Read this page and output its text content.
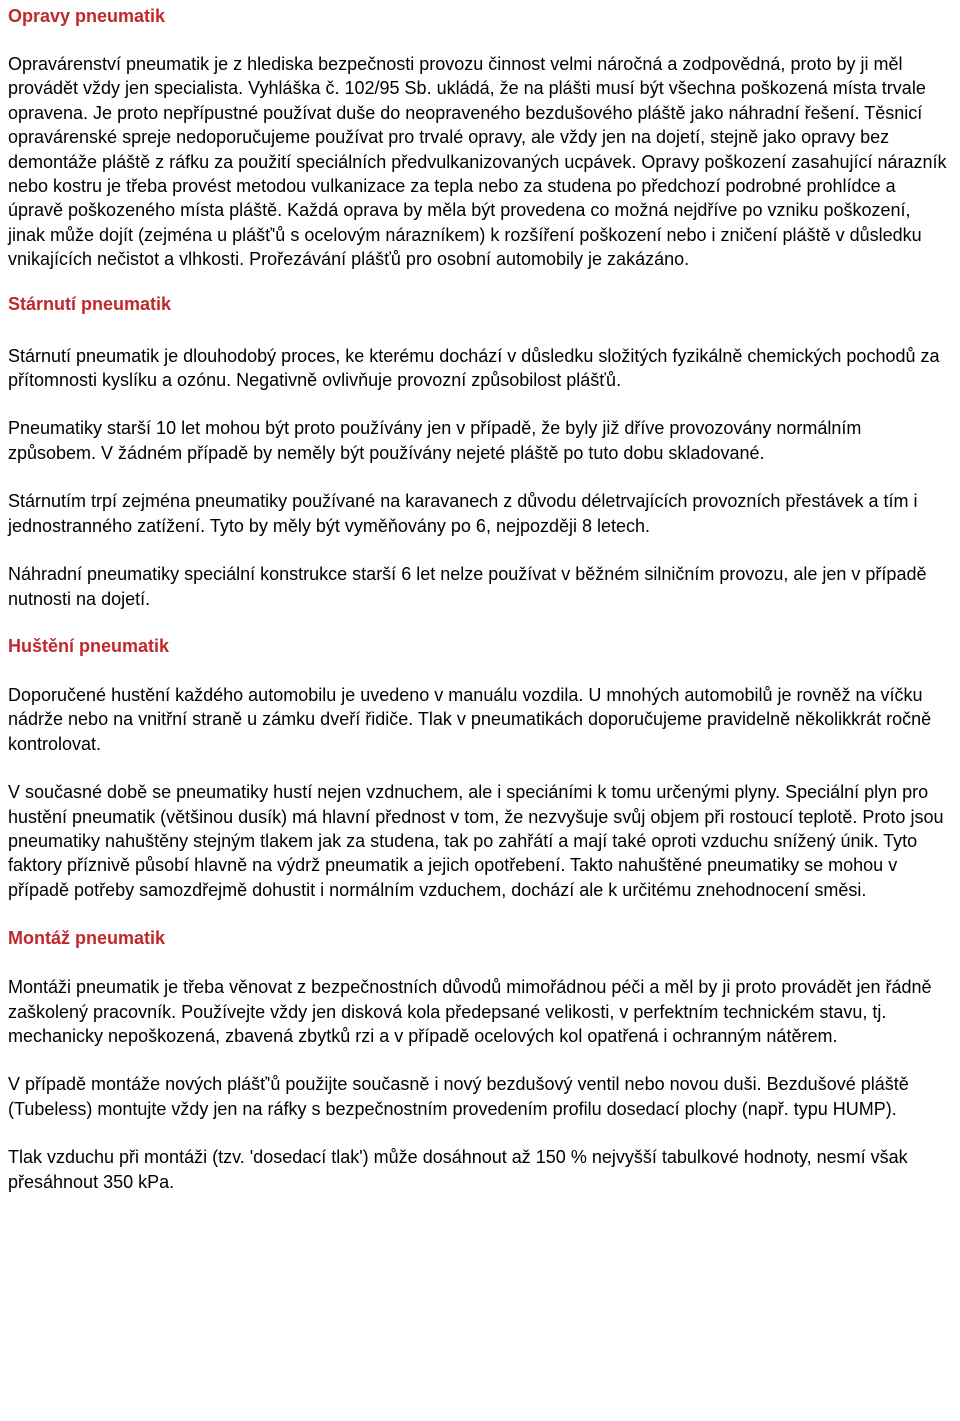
Opravy pneumatik

Opravárenství pneumatik je z hlediska bezpečnosti provozu činnost velmi náročná a zodpovědná, proto by ji měl provádět vždy jen specialista. Vyhláška č. 102/95 Sb. ukládá, že na plášti musí být všechna poškozená místa trvale opravena. Je proto nepřípustné používat duše do neopraveného bezdušového pláště jako náhradní řešení. Těsnicí opravárenské spreje nedoporučujeme používat pro trvalé opravy, ale vždy jen na dojetí, stejně jako opravy bez demontáže pláště z ráfku za použití speciálních předvulkanizovaných ucpávek. Opravy poškození zasahující nárazník nebo kostru je třeba provést metodou vulkanizace za tepla nebo za studena po předchozí podrobné prohlídce a úpravě poškozeného místa pláště. Každá oprava by měla být provedena co možná nejdříve po vzniku poškození, jinak může dojít (zejména u plášť'ů s ocelovým nárazníkem) k rozšíření poškození nebo i zničení pláště v důsledku vnikajících nečistot a vlhkosti. Prořezávání plášťů pro osobní automobily je zakázáno.

Stárnutí pneumatik

Stárnutí pneumatik je dlouhodobý proces, ke kterému dochází v důsledku složitých fyzikálně chemických pochodů za přítomnosti kyslíku a ozónu. Negativně ovlivňuje provozní způsobilost plášťů.

Pneumatiky starší 10 let mohou být proto používány jen v případě, že byly již dříve provozovány normálním způsobem. V žádném případě by neměly být používány nejeté pláště po tuto dobu skladované.

Stárnutím trpí zejména pneumatiky používané na karavanech z důvodu déletrvajících provozních přestávek a tím i jednostranného zatížení. Tyto by měly být vyměňovány po 6, nejpozději 8 letech.

Náhradní pneumatiky speciální konstrukce starší 6 let nelze používat v běžném silničním provozu, ale jen v případě nutnosti na dojetí.

Huštění pneumatik

Doporučené hustění každého automobilu je uvedeno v manuálu vozdila. U mnohých automobilů je rovněž na víčku nádrže nebo na vnitřní straně u zámku dveří řidiče. Tlak v pneumatikách doporučujeme pravidelně několikkrát ročně kontrolovat.

V současné době se pneumatiky hustí nejen vzdnuchem, ale i speciáními k tomu určenými plyny. Speciální plyn pro hustění pneumatik (většinou dusík) má hlavní přednost v tom, že nezvyšuje svůj objem při rostoucí teplotě. Proto jsou pneumatiky nahuštěny stejným tlakem jak za studena, tak po zahřátí a mají také oproti vzduchu snížený únik. Tyto faktory příznivě působí hlavně na výdrž pneumatik a jejich opotřebení. Takto nahuštěné pneumatiky se mohou v případě potřeby samozdřejmě dohustit i normálním vzduchem, dochází ale k určitému znehodnocení směsi.

Montáž pneumatik

Montáži pneumatik je třeba věnovat z bezpečnostních důvodů mimořádnou péči a měl by ji proto provádět jen řádně zaškolený pracovník. Používejte vždy jen disková kola předepsané velikosti, v perfektním technickém stavu, tj. mechanicky nepoškozená, zbavená zbytků rzi a v případě ocelových kol opatřená i ochranným nátěrem.

V případě montáže nových plášť'ů použijte současně i nový bezdušový ventil nebo novou duši. Bezdušové pláště (Tubeless) montujte vždy jen na ráfky s bezpečnostním provedením profilu dosedací plochy (např. typu HUMP).

Tlak vzduchu při montáži (tzv. 'dosedací tlak') může dosáhnout až 150 % nejvyšší tabulkové hodnoty, nesmí však přesáhnout 350 kPa.
